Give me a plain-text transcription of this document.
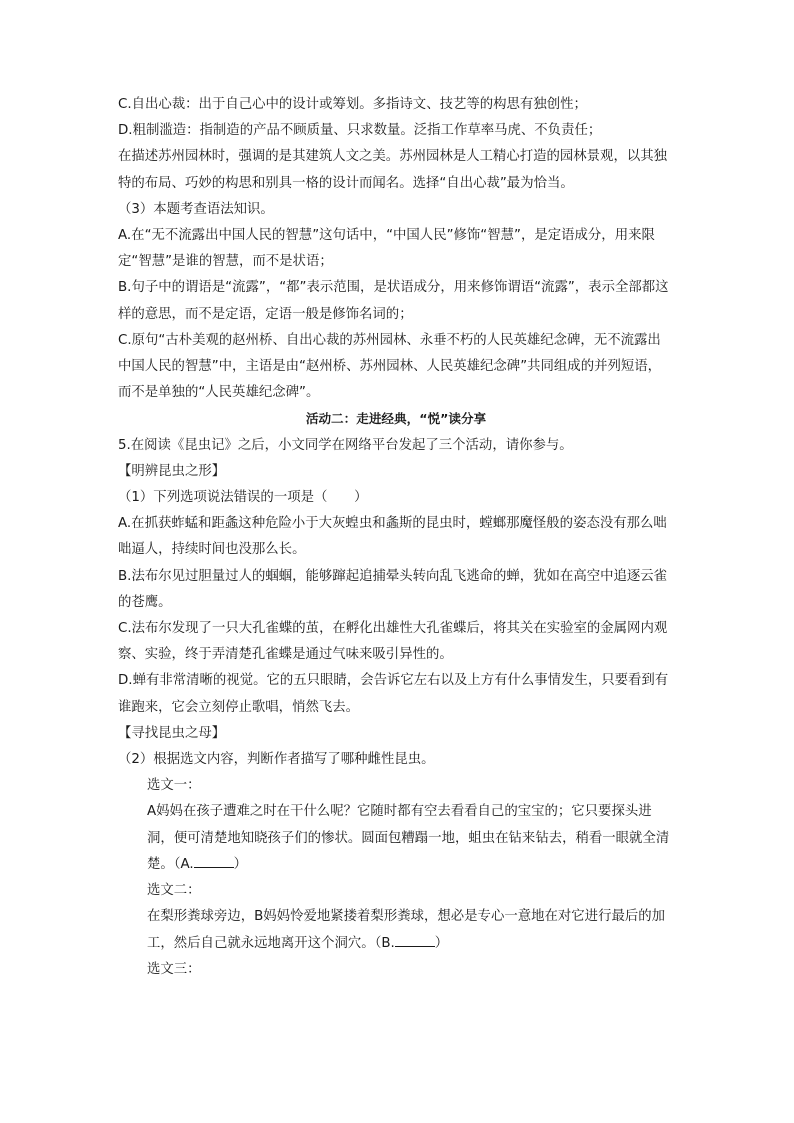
C.自出心裁：出于自己心中的设计或筹划。多指诗文、技艺等的构思有独创性；

D.粗制滥造：指制造的产品不顾质量、只求数量。泛指工作草率马虎、不负责任；

在描述苏州园林时，强调的是其建筑人文之美。苏州园林是人工精心打造的园林景观，以其独特的布局、巧妙的构思和别具一格的设计而闻名。选择“自出心裁”最为恰当。

（3）本题考查语法知识。

A.在“无不流露出中国人民的智慧”这句话中，“中国人民”修饰“智慧”，是定语成分，用来限定“智慧”是谁的智慧，而不是状语；

B.句子中的谓语是“流露”，“都”表示范围，是状语成分，用来修饰谓语“流露”，表示全部都这样的意思，而不是定语，定语一般是修饰名词的；

C.原句“古朴美观的赵州桥、自出心裁的苏州园林、永垂不朽的人民英雄纪念碑，无不流露出中国人民的智慧”中，主语是由“赵州桥、苏州园林、人民英雄纪念碑”共同组成的并列短语，而不是单独的“人民英雄纪念碑”。

活动二：走进经典，“悦”读分享

5.在阅读《昆虫记》之后，小文同学在网络平台发起了三个活动，请你参与。

【明辨昆虫之形】

（1）下列选项说法错误的一项是（　　）

A.在抓获蚱蜢和距螽这种危险小于大灰蝗虫和螽斯的昆虫时，螳螂那魔怪般的姿态没有那么咄咄逼人，持续时间也没那么长。

B.法布尔见过胆量过人的蝈蝈，能够蹿起追捕晕头转向乱飞逃命的蝉，犹如在高空中追逐云雀的苍鹰。

C.法布尔发现了一只大孔雀蝶的茧，在孵化出雄性大孔雀蝶后，将其关在实验室的金属网内观察、实验，终于弄清楚孔雀蝶是通过气味来吸引异性的。

D.蝉有非常清晰的视觉。它的五只眼睛，会告诉它左右以及上方有什么事情发生，只要看到有谁跑来，它会立刻停止歌唱，悄然飞去。

【寻找昆虫之母】

（2）根据选文内容，判断作者描写了哪种雌性昆虫。

选文一：

A妈妈在孩子遭难之时在干什么呢？它随时都有空去看看自己的宝宝的；它只要探头进洞，便可清楚地知晓孩子们的惨状。圆面包糟蹋一地，蛆虫在钻来钻去，稍看一眼就全清楚。（A.	）

选文二：

在梨形粪球旁边，B妈妈怜爱地紧搂着梨形粪球，想必是专心一意地在对它进行最后的加工，然后自己就永远地离开这个洞穴。（B.	）

选文三：
